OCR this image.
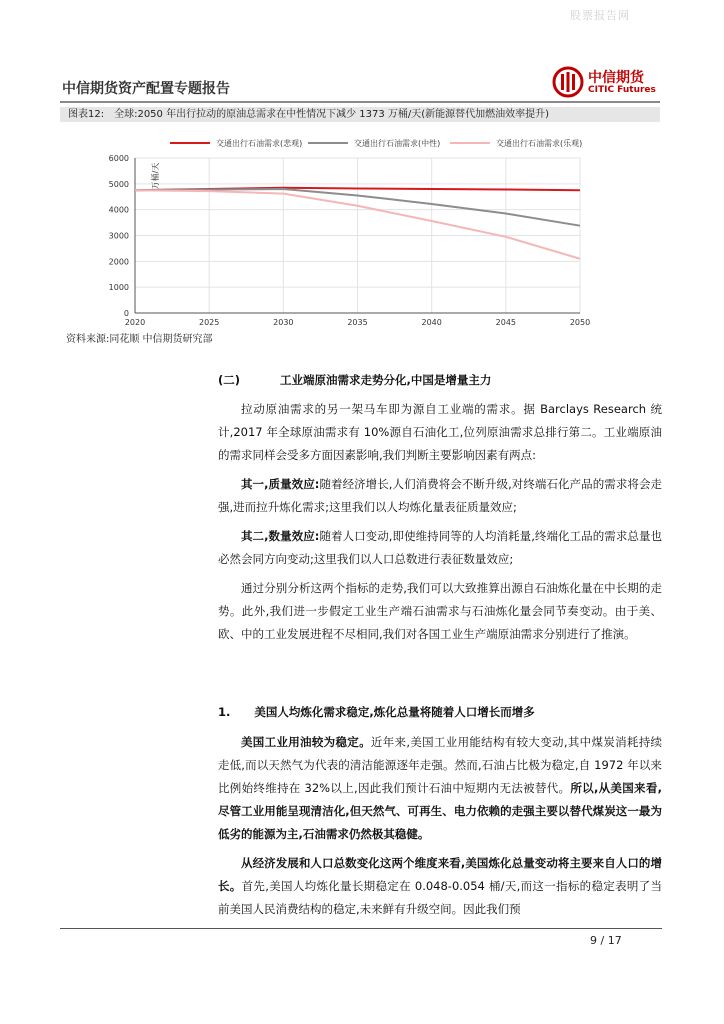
股票报告网
中信期货资产配置专题报告
中信期货
CITIC Futures
图表12: 全球:2050 年出行拉动的原油总需求在中性情况下减少 1373 万桶/天(新能源替代加燃油效率提升)
0
1000
2000
3000
4000
5000
6000
2020	2025	2030	2035	2040	2045	2050
万桶/天
交通出行石油需求(悲观)	交通出行石油需求(中性)	交通出行石油需求(乐观)
资料来源:同花顺 中信期货研究部
(二)	工业端原油需求走势分化,中国是增量主力

拉动原油需求的另一架马车即为源自工业端的需求。据 Barclays Research 统计,2017 年全球原油需求有 10%源自石油化工,位列原油需求总排行第二。工业端原油的需求同样会受多方面因素影响,我们判断主要影响因素有两点:

其一,质量效应:随着经济增长,人们消费将会不断升级,对终端石化产品的需求将会走强,进而拉升炼化需求;这里我们以人均炼化量表征质量效应;

其二,数量效应:随着人口变动,即使维持同等的人均消耗量,终端化工品的需求总量也必然会同方向变动;这里我们以人口总数进行表征数量效应;

通过分别分析这两个指标的走势,我们可以大致推算出源自石油炼化量在中长期的走势。此外,我们进一步假定工业生产端石油需求与石油炼化量会同节奏变动。由于美、欧、中的工业发展进程不尽相同,我们对各国工业生产端原油需求分别进行了推演。

1. 美国人均炼化需求稳定,炼化总量将随着人口增长而增多

美国工业用油较为稳定。近年来,美国工业用能结构有较大变动,其中煤炭消耗持续走低,而以天然气为代表的清洁能源逐年走强。然而,石油占比极为稳定,自 1972 年以来比例始终维持在 32%以上,因此我们预计石油中短期内无法被替代。所以,从美国来看,尽管工业用能呈现清洁化,但天然气、可再生、电力依赖的走强主要以替代煤炭这一最为低劣的能源为主,石油需求仍然极其稳健。

从经济发展和人口总数变化这两个维度来看,美国炼化总量变动将主要来自人口的增长。首先,美国人均炼化量长期稳定在 0.048-0.054 桶/天,而这一指标的稳定表明了当前美国人民消费结构的稳定,未来鲜有升级空间。因此我们预

9 / 17
